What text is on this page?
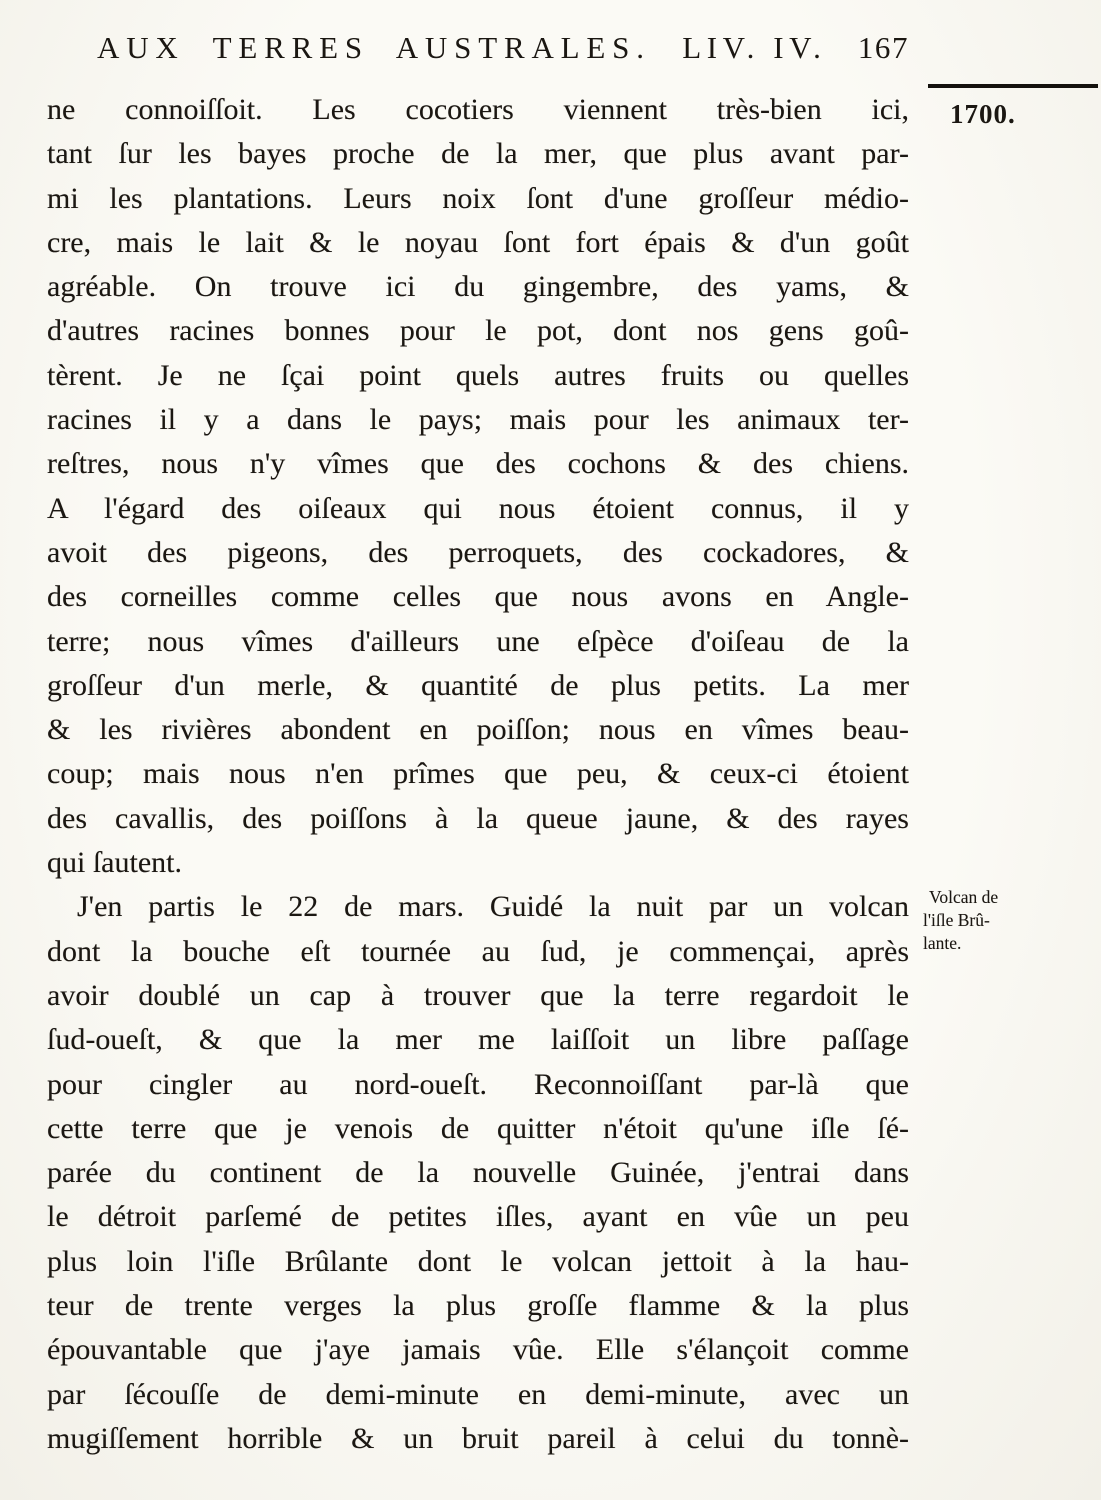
AUX TERRES AUSTRALES. LIV. IV. 167
1700.
ne connoiſſoit. Les cocotiers viennent très-bien ici,
tant ſur les bayes proche de la mer, que plus avant par-
mi les plantations. Leurs noix ſont d'une groſſeur médio-
cre, mais le lait & le noyau ſont fort épais & d'un goût
agréable. On trouve ici du gingembre, des yams, &
d'autres racines bonnes pour le pot, dont nos gens goû-
tèrent. Je ne ſçai point quels autres fruits ou quelles
racines il y a dans le pays; mais pour les animaux ter-
reſtres, nous n'y vîmes que des cochons & des chiens.
A l'égard des oiſeaux qui nous étoient connus, il y
avoit des pigeons, des perroquets, des cockadores, &
des corneilles comme celles que nous avons en Angle-
terre; nous vîmes d'ailleurs une eſpèce d'oiſeau de la
groſſeur d'un merle, & quantité de plus petits. La mer
& les rivières abondent en poiſſon; nous en vîmes beau-
coup; mais nous n'en prîmes que peu, & ceux-ci étoient
des cavallis, des poiſſons à la queue jaune, & des rayes
qui ſautent.
J'en partis le 22 de mars. Guidé la nuit par un volcan
dont la bouche eſt tournée au ſud, je commençai, après
avoir doublé un cap à trouver que la terre regardoit le
ſud-oueſt, & que la mer me laiſſoit un libre paſſage
pour cingler au nord-oueſt. Reconnoiſſant par-là que
cette terre que je venois de quitter n'étoit qu'une iſle ſé-
parée du continent de la nouvelle Guinée, j'entrai dans
le détroit parſemé de petites iſles, ayant en vûe un peu
plus loin l'iſle Brûlante dont le volcan jettoit à la hau-
teur de trente verges la plus groſſe flamme & la plus
épouvantable que j'aye jamais vûe. Elle s'élançoit comme
par ſécouſſe de demi-minute en demi-minute, avec un
mugiſſement horrible & un bruit pareil à celui du tonnè-
Volcan de
l'iſle Brû-
lante.
